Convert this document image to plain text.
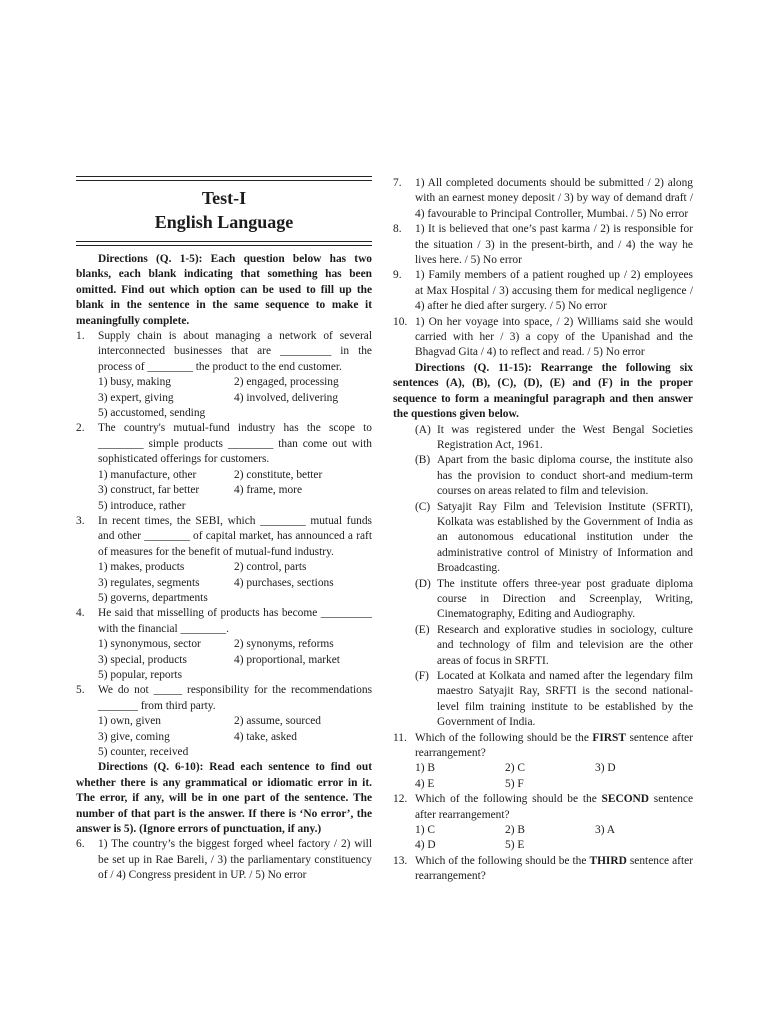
Test-I
English Language
Directions (Q. 1-5): Each question below has two blanks, each blank indicating that something has been omitted. Find out which option can be used to fill up the blank in the sentence in the same sequence to make it meaningfully complete.
1.	Supply chain is about managing a network of several interconnected businesses that are _________ in the process of ________ the product to the end customer.
1) busy, making	2) engaged, processing
3) expert, giving	4) involved, delivering
5) accustomed, sending
2.	The country's mutual-fund industry has the scope to ________ simple products ________ than come out with sophisticated offerings for customers.
1) manufacture, other	2) constitute, better
3) construct, far better	4) frame, more
5) introduce, rather
3.	In recent times, the SEBI, which ________ mutual funds and other ________ of capital market, has announced a raft of measures for the benefit of mutual-fund industry.
1) makes, products	2) control, parts
3) regulates, segments	4) purchases, sections
5) governs, departments
4.	He said that misselling of products has become _________ with the financial ________.
1) synonymous, sector	2) synonyms, reforms
3) special, products	4) proportional, market
5) popular, reports
5.	We do not _____ responsibility for the recommendations _______ from third party.
1) own, given	2) assume, sourced
3) give, coming	4) take, asked
5) counter, received
Directions (Q. 6-10): Read each sentence to find out whether there is any grammatical or idiomatic error in it. The error, if any, will be in one part of the sentence. The number of that part is the answer. If there is ‘No error’, the answer is 5). (Ignore errors of punctuation, if any.)
6.	1) The country’s the biggest forged wheel factory / 2) will be set up in Rae Bareli, / 3) the parliamentary constituency of / 4) Congress president in UP. / 5) No error
7.	1) All completed documents should be submitted / 2) along with an earnest money deposit / 3) by way of demand draft / 4) favourable to Principal Controller, Mumbai. / 5) No error
8.	1) It is believed that one’s past karma / 2) is responsible for the situation / 3) in the present-birth, and / 4) the way he lives here. / 5) No error
9.	1) Family members of a patient roughed up / 2) employees at Max Hospital / 3) accusing them for medical negligence / 4) after he died after surgery. / 5) No error
10. 1) On her voyage into space, / 2) Williams said she would carried with her / 3) a copy of the Upanishad and the Bhagvad Gita / 4) to reflect and read. / 5) No error
Directions (Q. 11-15): Rearrange the following six sentences (A), (B), (C), (D), (E) and (F) in the proper sequence to form a meaningful paragraph and then answer the questions given below.
(A) It was registered under the West Bengal Societies Registration Act, 1961.
(B) Apart from the basic diploma course, the institute also has the provision to conduct short-and medium-term courses on areas related to film and television.
(C) Satyajit Ray Film and Television Institute (SFRTI), Kolkata was established by the Government of India as an autonomous educational institution under the administrative control of Ministry of Information and Broadcasting.
(D) The institute offers three-year post graduate diploma course in Direction and Screenplay, Writing, Cinematography, Editing and Audiography.
(E) Research and explorative studies in sociology, culture and technology of film and television are the other areas of focus in SRFTI.
(F) Located at Kolkata and named after the legendary film maestro Satyajit Ray, SRFTI is the second national-level film training institute to be established by the Government of India.
11. Which of the following should be the FIRST sentence after rearrangement?
1) B	2) C	3) D
4) E	5) F
12. Which of the following should be the SECOND sentence after rearrangement?
1) C	2) B	3) A
4) D	5) E
13. Which of the following should be the THIRD sentence after rearrangement?
